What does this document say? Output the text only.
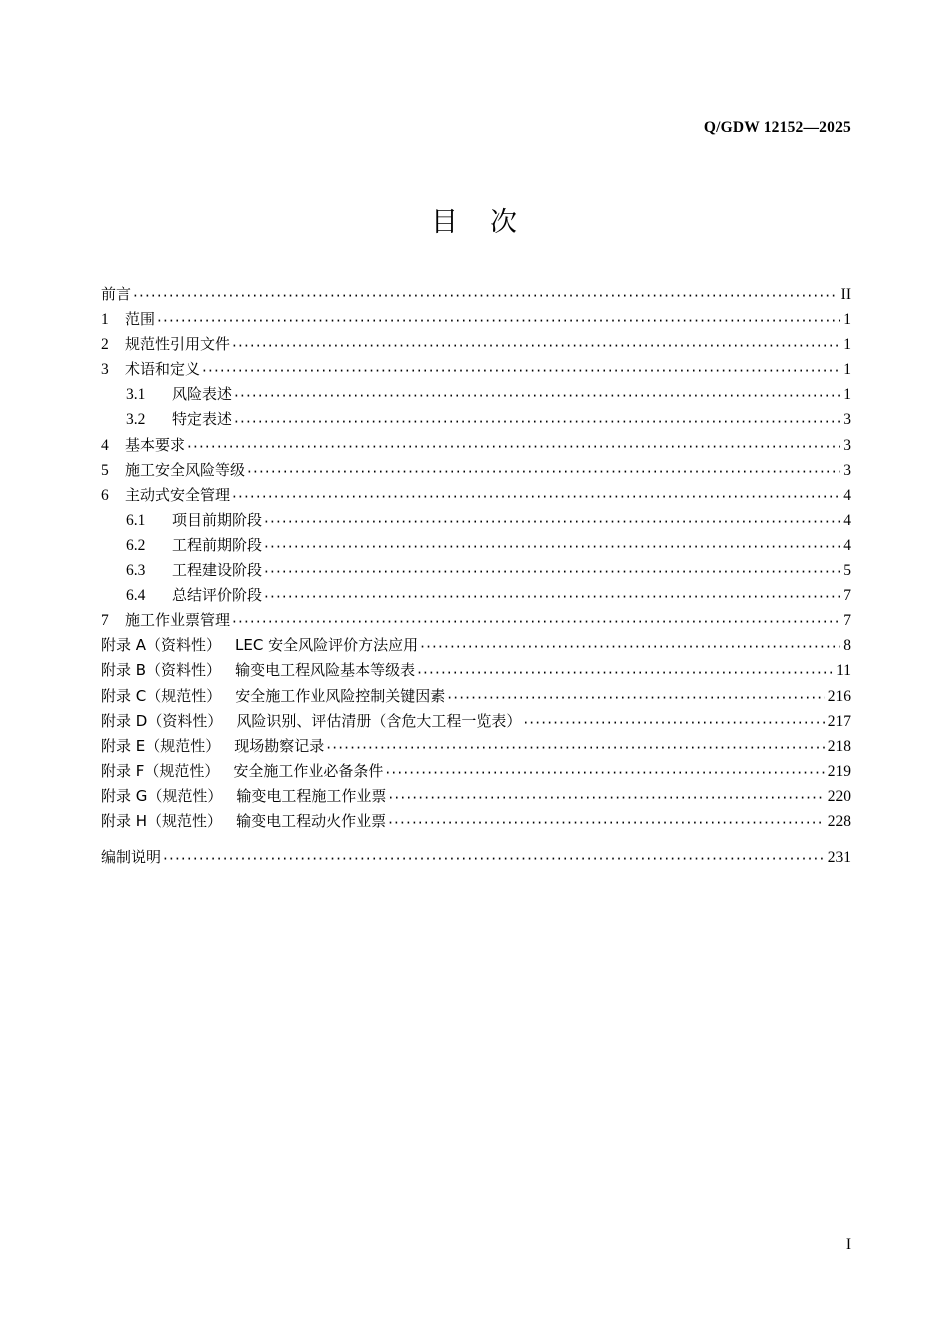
Q/GDW 12152—2025
目 次
前言 ·····	II
1	范围 ·····	1
2	规范性引用文件 ·····	1
3	术语和定义 ·····	1
3.1	风险表述 ·····	1
3.2	特定表述 ·····	3
4	基本要求 ·····	3
5	施工安全风险等级 ·····	3
6	主动式安全管理 ·····	4
6.1	项目前期阶段 ·····	4
6.2	工程前期阶段 ·····	4
6.3	工程建设阶段 ·····	5
6.4	总结评价阶段 ·····	7
7	施工作业票管理 ·····	7
附录 A（资料性） LEC 安全风险评价方法应用 ·····	8
附录 B（资料性） 输变电工程风险基本等级表 ·····	11
附录 C（规范性） 安全施工作业风险控制关键因素 ·····	216
附录 D（资料性） 风险识别、评估清册（含危大工程一览表） ·····	217
附录 E（规范性） 现场勘察记录 ·····	218
附录 F（规范性） 安全施工作业必备条件 ·····	219
附录 G（规范性） 输变电工程施工作业票 ·····	220
附录 H（规范性） 输变电工程动火作业票 ·····	228
编制说明 ·····	231
I
